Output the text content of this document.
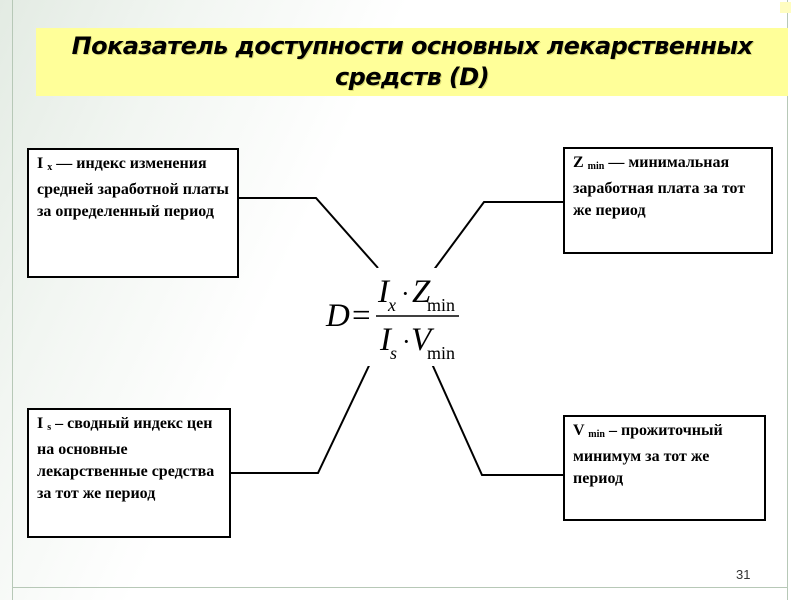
Показатель доступности основных лекарственных средств (D)
I $_x$ — индекс изменения средней заработной платы за определенный период
Z $_{min}$ — минимальная заработная плата за тот же период
I $_s$ – сводный индекс цен на основные лекарственные средства за тот же период
V $_{min}$ – прожиточный минимум за тот же период
D=
I x · Z
min
I s · V
min
31
